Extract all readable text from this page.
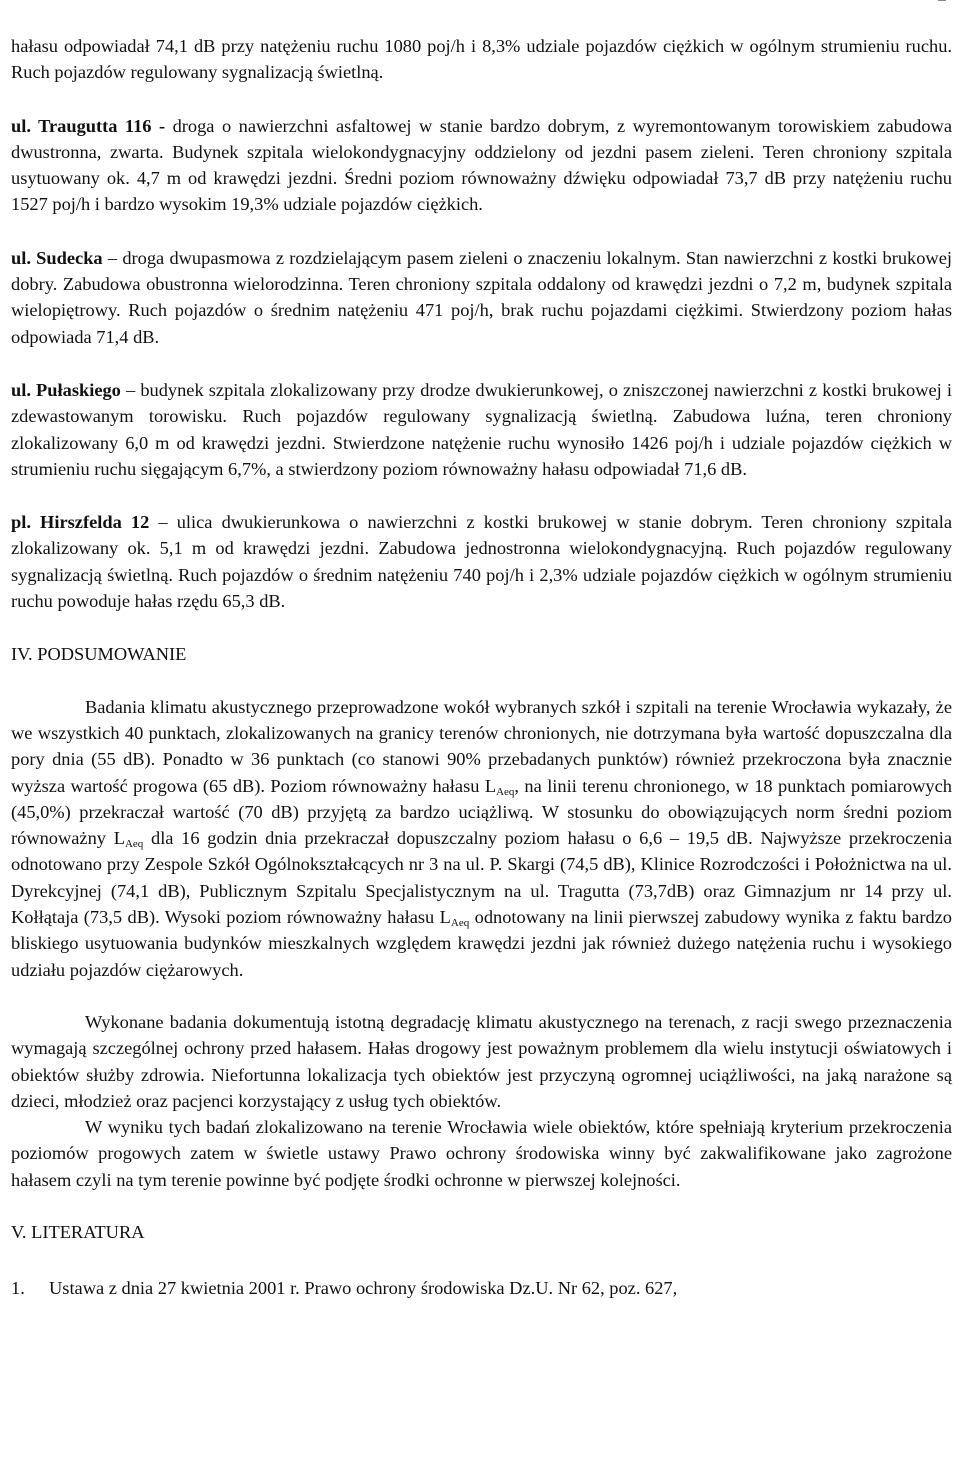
hałasu odpowiadał 74,1 dB przy natężeniu ruchu 1080 poj/h i 8,3% udziale pojazdów ciężkich w ogólnym strumieniu ruchu. Ruch pojazdów regulowany sygnalizacją świetlną.

ul. Traugutta 116 - droga o nawierzchni asfaltowej w stanie bardzo dobrym, z wyremontowanym torowiskiem zabudowa dwustronna, zwarta. Budynek szpitala wielokondygnacyjny oddzielony od jezdni pasem zieleni. Teren chroniony szpitala usytuowany ok. 4,7 m od krawędzi jezdni. Średni poziom równoważny dźwięku odpowiadał 73,7 dB przy natężeniu ruchu 1527 poj/h i bardzo wysokim 19,3% udziale pojazdów ciężkich.

ul. Sudecka – droga dwupasmowa z rozdzielającym pasem zieleni o znaczeniu lokalnym. Stan nawierzchni z kostki brukowej dobry. Zabudowa obustronna wielorodzinna. Teren chroniony szpitala oddalony od krawędzi jezdni o 7,2 m, budynek szpitala wielopiętrowy. Ruch pojazdów o średnim natężeniu 471 poj/h, brak ruchu pojazdami ciężkimi. Stwierdzony poziom hałas odpowiada 71,4 dB.

ul. Pułaskiego – budynek szpitala zlokalizowany przy drodze dwukierunkowej, o zniszczonej nawierzchni z kostki brukowej i zdewastowanym torowisku. Ruch pojazdów regulowany sygnalizacją świetlną. Zabudowa luźna, teren chroniony zlokalizowany 6,0 m od krawędzi jezdni. Stwierdzone natężenie ruchu wynosiło 1426 poj/h i udziale pojazdów ciężkich w strumieniu ruchu sięgającym 6,7%, a stwierdzony poziom równoważny hałasu odpowiadał 71,6 dB.

pl. Hirszfelda 12 – ulica dwukierunkowa o nawierzchni z kostki brukowej w stanie dobrym. Teren chroniony szpitala zlokalizowany ok. 5,1 m od krawędzi jezdni. Zabudowa jednostronna wielokondygnacyjną. Ruch pojazdów regulowany sygnalizacją świetlną. Ruch pojazdów o średnim natężeniu 740 poj/h i 2,3% udziale pojazdów ciężkich w ogólnym strumieniu ruchu powoduje hałas rzędu 65,3 dB.

IV. PODSUMOWANIE

Badania klimatu akustycznego przeprowadzone wokół wybranych szkół i szpitali na terenie Wrocławia wykazały, że we wszystkich 40 punktach, zlokalizowanych na granicy terenów chronionych, nie dotrzymana była wartość dopuszczalna dla pory dnia (55 dB). Ponadto w 36 punktach (co stanowi 90% przebadanych punktów) również przekroczona była znacznie wyższa wartość progowa (65 dB). Poziom równoważny hałasu $L_{Aeq}$, na linii terenu chronionego, w 18 punktach pomiarowych (45,0%) przekraczał wartość (70 dB) przyjętą za bardzo uciążliwą. W stosunku do obowiązujących norm średni poziom równoważny $L_{Aeq}$ dla 16 godzin dnia przekraczał dopuszczalny poziom hałasu o 6,6 – 19,5 dB. Najwyższe przekroczenia odnotowano przy Zespole Szkół Ogólnokształcących nr 3 na ul. P. Skargi (74,5 dB), Klinice Rozrodczości i Położnictwa na ul. Dyrekcyjnej (74,1 dB), Publicznym Szpitalu Specjalistycznym na ul. Tragutta (73,7dB) oraz Gimnazjum nr 14 przy ul. Kołłątaja (73,5 dB). Wysoki poziom równoważny hałasu $L_{Aeq}$ odnotowany na linii pierwszej zabudowy wynika z faktu bardzo bliskiego usytuowania budynków mieszkalnych względem krawędzi jezdni jak również dużego natężenia ruchu i wysokiego udziału pojazdów ciężarowych.

Wykonane badania dokumentują istotną degradację klimatu akustycznego na terenach, z racji swego przeznaczenia wymagają szczególnej ochrony przed hałasem. Hałas drogowy jest poważnym problemem dla wielu instytucji oświatowych i obiektów służby zdrowia. Niefortunna lokalizacja tych obiektów jest przyczyną ogromnej uciążliwości, na jaką narażone są dzieci, młodzież oraz pacjenci korzystający z usług tych obiektów.

W wyniku tych badań zlokalizowano na terenie Wrocławia wiele obiektów, które spełniają kryterium przekroczenia poziomów progowych zatem w świetle ustawy Prawo ochrony środowiska winny być zakwalifikowane jako zagrożone hałasem czyli na tym terenie powinne być podjęte środki ochronne w pierwszej kolejności.

V. LITERATURA
1. Ustawa z dnia 27 kwietnia 2001 r. Prawo ochrony środowiska Dz.U. Nr 62, poz. 627,
